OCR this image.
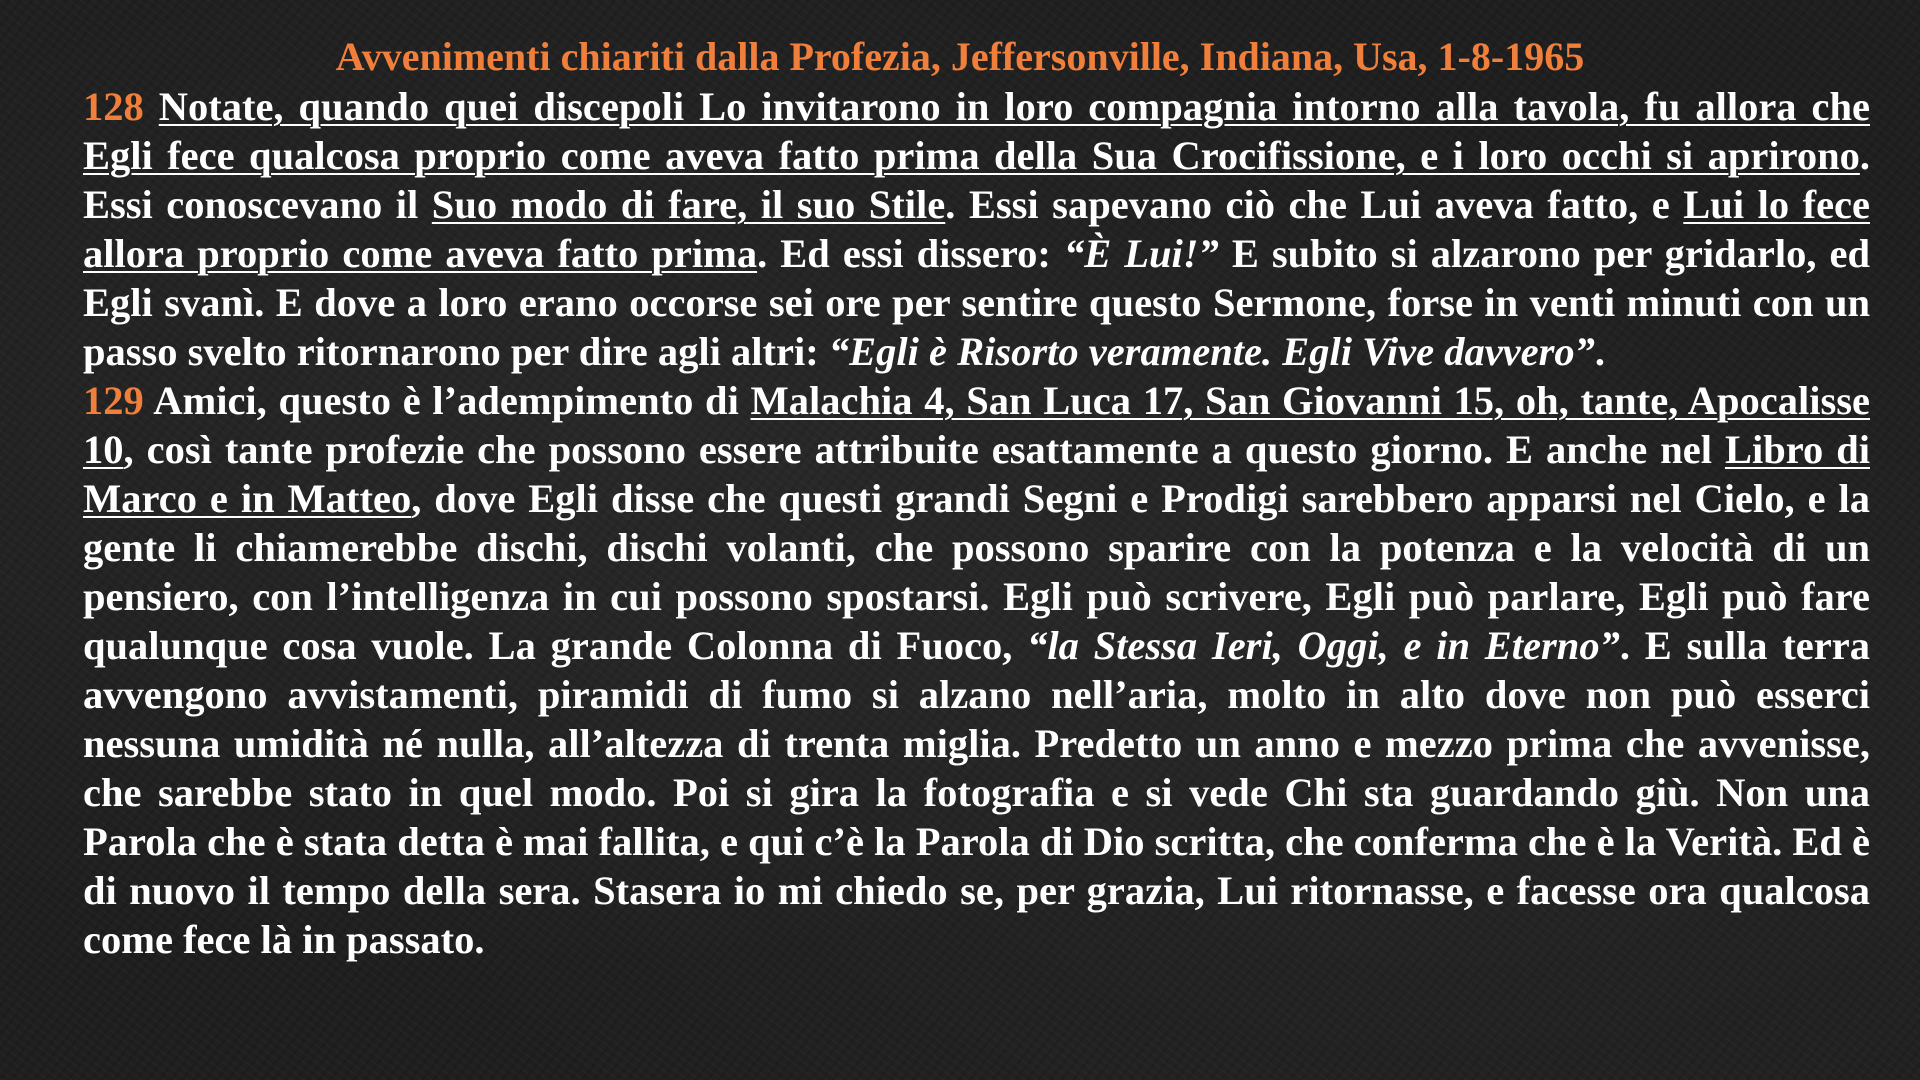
Avvenimenti chiariti dalla Profezia, Jeffersonville, Indiana, Usa, 1-8-1965

128 Notate, quando quei discepoli Lo invitarono in loro compagnia intorno alla tavola, fu allora che Egli fece qualcosa proprio come aveva fatto prima della Sua Crocifissione, e i loro occhi si aprirono. Essi conoscevano il Suo modo di fare, il suo Stile. Essi sapevano ciò che Lui aveva fatto, e Lui lo fece allora proprio come aveva fatto prima. Ed essi dissero: “È Lui!” E subito si alzarono per gridarlo, ed Egli svanì. E dove a loro erano occorse sei ore per sentire questo Sermone, forse in venti minuti con un passo svelto ritornarono per dire agli altri: “Egli è Risorto veramente. Egli Vive davvero”.

129 Amici, questo è l’adempimento di Malachia 4, San Luca 17, San Giovanni 15, oh, tante, Apocalisse 10, così tante profezie che possono essere attribuite esattamente a questo giorno. E anche nel Libro di Marco e in Matteo, dove Egli disse che questi grandi Segni e Prodigi sarebbero apparsi nel Cielo, e la gente li chiamerebbe dischi, dischi volanti, che possono sparire con la potenza e la velocità di un pensiero, con l’intelligenza in cui possono spostarsi. Egli può scrivere, Egli può parlare, Egli può fare qualunque cosa vuole. La grande Colonna di Fuoco, “la Stessa Ieri, Oggi, e in Eterno”. E sulla terra avvengono avvistamenti, piramidi di fumo si alzano nell’aria, molto in alto dove non può esserci nessuna umidità né nulla, all’altezza di trenta miglia. Predetto un anno e mezzo prima che avvenisse, che sarebbe stato in quel modo. Poi si gira la fotografia e si vede Chi sta guardando giù. Non una Parola che è stata detta è mai fallita, e qui c’è la Parola di Dio scritta, che conferma che è la Verità. Ed è di nuovo il tempo della sera. Stasera io mi chiedo se, per grazia, Lui ritornasse, e facesse ora qualcosa come fece là in passato.
